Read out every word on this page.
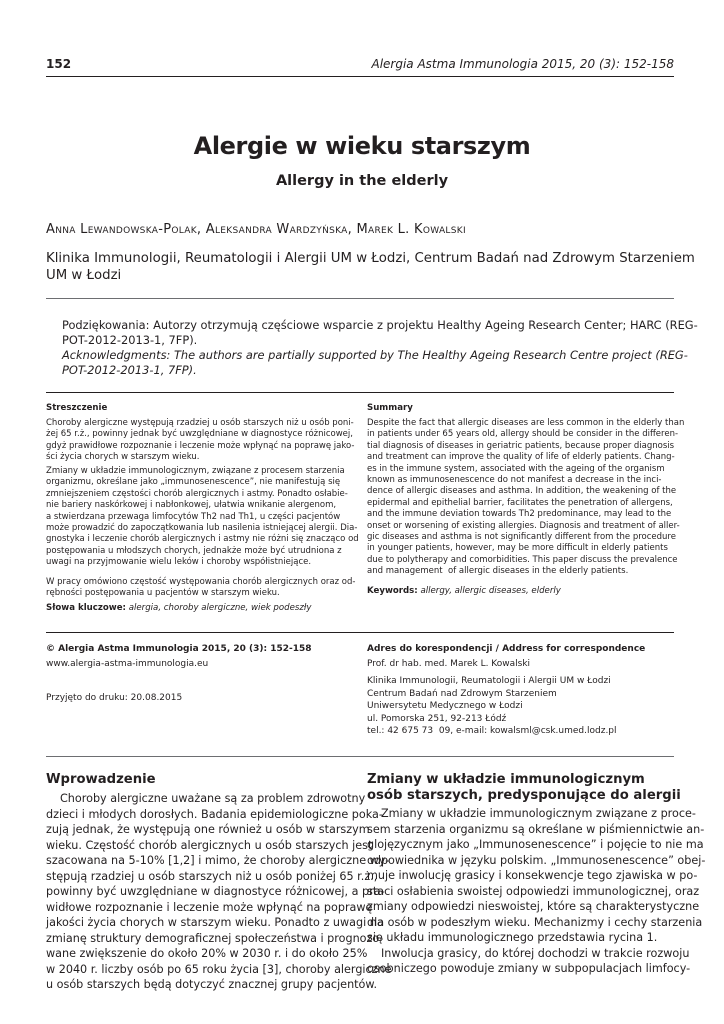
152	Alergia Astma Immunologia 2015, 20 (3): 152-158
Alergie w wieku starszym
Allergy in the elderly
Anna Lewandowska-Polak, Aleksandra Wardzyńska, Marek L. Kowalski
Klinika Immunologii, Reumatologii i Alergii UM w Łodzi, Centrum Badań nad Zdrowym Starzeniem
UM w Łodzi
Podziękowania: Autorzy otrzymują częściowe wsparcie z projektu Healthy Ageing Research Center; HARC (REG-
POT-2012-2013-1, 7FP).
Acknowledgments: The authors are partially supported by The Healthy Ageing Research Centre project (REG-
POT-2012-2013-1, 7FP).
Streszczenie
Choroby alergiczne występują rzadziej u osób starszych niż u osób poni-
żej 65 r.ż., powinny jednak być uwzględniane w diagnostyce różnicowej,
gdyż prawidłowe rozpoznanie i leczenie może wpłynąć na poprawę jako-
ści życia chorych w starszym wieku.
Zmiany w układzie immunologicznym, związane z procesem starzenia
organizmu, określane jako „immunosenescence”, nie manifestują się
zmniejszeniem częstości chorób alergicznych i astmy. Ponadto osłabie-
nie bariery naskórkowej i nabłonkowej, ułatwia wnikanie alergenom,
a stwierdzana przewaga limfocytów Th2 nad Th1, u części pacjentów
może prowadzić do zapoczątkowania lub nasilenia istniejącej alergii. Dia-
gnostyka i leczenie chorób alergicznych i astmy nie różni się znacząco od
postępowania u młodszych chorych, jednakże może być utrudniona z
uwagi na przyjmowanie wielu leków i choroby współistniejące.
W pracy omówiono częstość występowania chorób alergicznych oraz od-
rębności postępowania u pacjentów w starszym wieku.
Słowa kluczowe: alergia, choroby alergiczne, wiek podeszły
Summary
Despite the fact that allergic diseases are less common in the elderly than
in patients under 65 years old, allergy should be consider in the differen-
tial diagnosis of diseases in geriatric patients, because proper diagnosis
and treatment can improve the quality of life of elderly patients. Chang-
es in the immune system, associated with the ageing of the organism
known as immunosenescence do not manifest a decrease in the inci-
dence of allergic diseases and asthma. In addition, the weakening of the
epidermal and epithelial barrier, facilitates the penetration of allergens,
and the immune deviation towards Th2 predominance, may lead to the
onset or worsening of existing allergies. Diagnosis and treatment of aller-
gic diseases and asthma is not significantly different from the procedure
in younger patients, however, may be more difficult in elderly patients
due to polytherapy and comorbidities. This paper discuss the prevalence
and management  of allergic diseases in the elderly patients.
Keywords: allergy, allergic diseases, elderly
© Alergia Astma Immunologia 2015, 20 (3): 152-158
www.alergia-astma-immunologia.eu
Przyjęto do druku: 20.08.2015
Adres do korespondencji / Address for correspondence
Prof. dr hab. med. Marek L. Kowalski
Klinika Immunologii, Reumatologii i Alergii UM w Łodzi
Centrum Badań nad Zdrowym Starzeniem
Uniwersytetu Medycznego w Łodzi
ul. Pomorska 251, 92-213 Łódź
tel.: 42 675 73  09, e-mail: kowalsml@csk.umed.lodz.pl
Wprowadzenie
Choroby alergiczne uważane są za problem zdrowotny
dzieci i młodych dorosłych. Badania epidemiologiczne poka-
zują jednak, że występują one również u osób w starszym
wieku. Częstość chorób alergicznych u osób starszych jest
szacowana na 5-10% [1,2] i mimo, że choroby alergiczne wy-
stępują rzadziej u osób starszych niż u osób poniżej 65 r.ż.,
powinny być uwzględniane w diagnostyce różnicowej, a pra-
widłowe rozpoznanie i leczenie może wpłynąć na poprawę
jakości życia chorych w starszym wieku. Ponadto z uwagi na
zmianę struktury demograficznej społeczeństwa i prognozo-
wane zwiększenie do około 20% w 2030 r. i do około 25%
w 2040 r. liczby osób po 65 roku życia [3], choroby alergiczne
u osób starszych będą dotyczyć znacznej grupy pacjentów.
Zmiany w układzie immunologicznym
osób starszych, predysponujące do alergii
Zmiany w układzie immunologicznym związane z proce-
sem starzenia organizmu są określane w piśmiennictwie an-
glojęzycznym jako „Immunosenescence” i pojęcie to nie ma
odpowiednika w języku polskim. „Immunosenescence” obej-
muje inwolucję grasicy i konsekwencje tego zjawiska w po-
staci osłabienia swoistej odpowiedzi immunologicznej, oraz
zmiany odpowiedzi nieswoistej, które są charakterystyczne
dla osób w podeszłym wieku. Mechanizmy i cechy starzenia
się układu immunologicznego przedstawia rycina 1.
Inwolucja grasicy, do której dochodzi w trakcie rozwoju
osobniczego powoduje zmiany w subpopulacjach limfocy-
